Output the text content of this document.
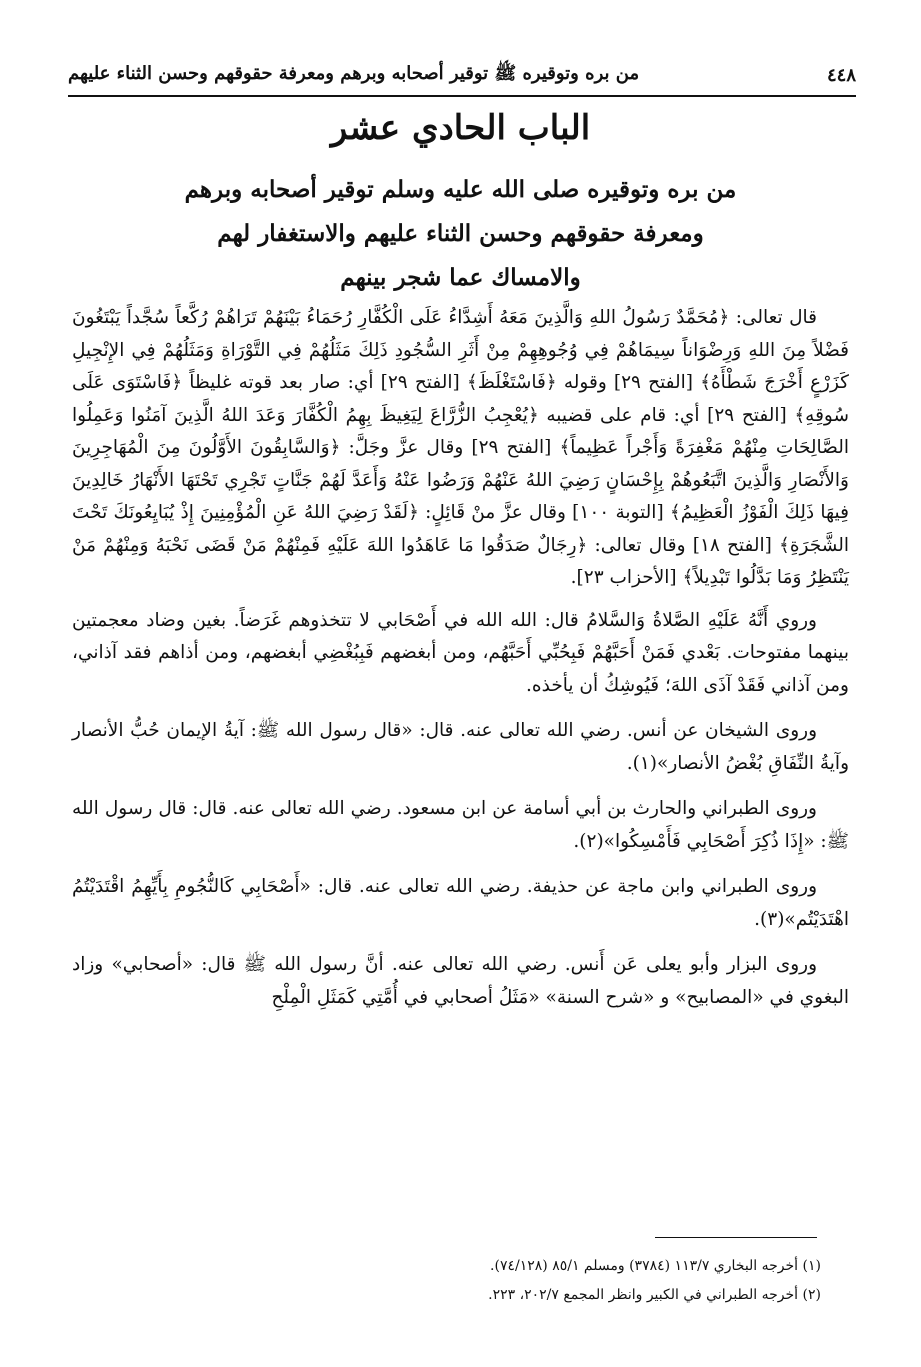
٤٤٨
من بره وتوقيره ﷺ توقير أصحابه وبرهم ومعرفة حقوقهم وحسن الثناء عليهم
الباب الحادي عشر
من بره وتوقيره صلى الله عليه وسلم توقير أصحابه وبرهم
ومعرفة حقوقهم وحسن الثناء عليهم والاستغفار لهم
والامساك عما شجر بينهم

قال تعالى: ﴿مُحَمَّدٌ رَسُولُ اللهِ وَالَّذِينَ مَعَهُ أَشِدَّاءُ عَلَى الْكُفَّارِ رُحَمَاءُ بَيْنَهُمْ تَرَاهُمْ رُكَّعاً سُجَّداً يَبْتَغُونَ فَضْلاً مِنَ اللهِ وَرِضْوَاناً سِيمَاهُمْ فِي وُجُوهِهِمْ مِنْ أَثَرِ السُّجُودِ ذَلِكَ مَثَلُهُمْ فِي التَّوْرَاةِ وَمَثَلُهُمْ فِي الإِنْجِيلِ كَزَرْعٍ أَخْرَجَ شَطْأَهُ﴾ [الفتح ٢٩] وقوله ﴿فَاسْتَغْلَظَ﴾ [الفتح ٢٩] أي: صار بعد قوته غليظاً ﴿فَاسْتَوَى عَلَى سُوقِهِ﴾ [الفتح ٢٩] أي: قام على قضيبه ﴿يُعْجِبُ الزُّرَّاعَ لِيَغِيظَ بِهِمُ الْكُفَّارَ وَعَدَ اللهُ الَّذِينَ آمَنُوا وَعَمِلُوا الصَّالِحَاتِ مِنْهُمْ مَغْفِرَةً وَأَجْراً عَظِيماً﴾ [الفتح ٢٩] وقال عزَّ وجَلَّ: ﴿وَالسَّابِقُونَ الأَوَّلُونَ مِنَ الْمُهَاجِرِينَ وَالأَنْصَارِ وَالَّذِينَ اتَّبَعُوهُمْ بِإِحْسَانٍ رَضِيَ اللهُ عَنْهُمْ وَرَضُوا عَنْهُ وَأَعَدَّ لَهُمْ جَنَّاتٍ تَجْرِي تَحْتَهَا الأَنْهَارُ خَالِدِينَ فِيهَا ذَلِكَ الْفَوْزُ الْعَظِيمُ﴾ [التوبة ١٠٠] وقال عزَّ منْ قَائِلٍ: ﴿لَقَدْ رَضِيَ اللهُ عَنِ الْمُؤْمِنِينَ إِذْ يُبَايِعُونَكَ تَحْتَ الشَّجَرَةِ﴾ [الفتح ١٨] وقال تعالى: ﴿رِجَالٌ صَدَقُوا مَا عَاهَدُوا اللهَ عَلَيْهِ فَمِنْهُمْ مَنْ قَضَى نَحْبَهُ وَمِنْهُمْ مَنْ يَنْتَظِرُ وَمَا بَدَّلُوا تَبْدِيلاً﴾ [الأحزاب ٢٣].

وروي أَنَّهُ عَلَيْهِ الصَّلاةُ وَالسَّلامُ قال: الله الله في أَصْحَابي لا تتخذوهم غَرَضاً. بغين وضاد معجمتين بينهما مفتوحات. بَعْدي فَمَنْ أَحَبَّهُمْ فَبِحُبِّي أَحَبَّهُم، ومن أبغضهم فَبِبُغْضِي أبغضهم، ومن أذاهم فقد آذاني، ومن آذاني فَقَدْ آذَى اللهَ؛ فَيُوشِكُ أن يأخذه.

وروى الشيخان عن أنس. رضي الله تعالى عنه. قال: «قال رسول الله ﷺ: آيةُ الإيمان حُبُّ الأنصار وآيةُ النِّفَاقِ بُغْضُ الأنصار»(١).

وروى الطبراني والحارث بن أبي أسامة عن ابن مسعود. رضي الله تعالى عنه. قال: قال رسول الله ﷺ: «إِذَا ذُكِرَ أَصْحَابِي فَأَمْسِكُوا»(٢).

وروى الطبراني وابن ماجة عن حذيفة. رضي الله تعالى عنه. قال: «أَصْحَابِي كَالنُّجُومِ بِأَيِّهِمُ اقْتَدَيْتُمُ اهْتَدَيْتُم»(٣).

وروى البزار وأبو يعلى عَن أَنس. رضي الله تعالى عنه. أنَّ رسول الله ﷺ قال: «أصحابي» وزاد البغوي في «المصابيح» و «شرح السنة» «مَثَلُ أصحابي في أُمَّتِي كَمَثَلِ الْمِلْحِ

(١) أخرجه البخاري ١١٣/٧ (٣٧٨٤) ومسلم ٨٥/١ (٧٤/١٢٨).
(٢) أخرجه الطبراني في الكبير وانظر المجمع ٢٠٢/٧، ٢٢٣.
